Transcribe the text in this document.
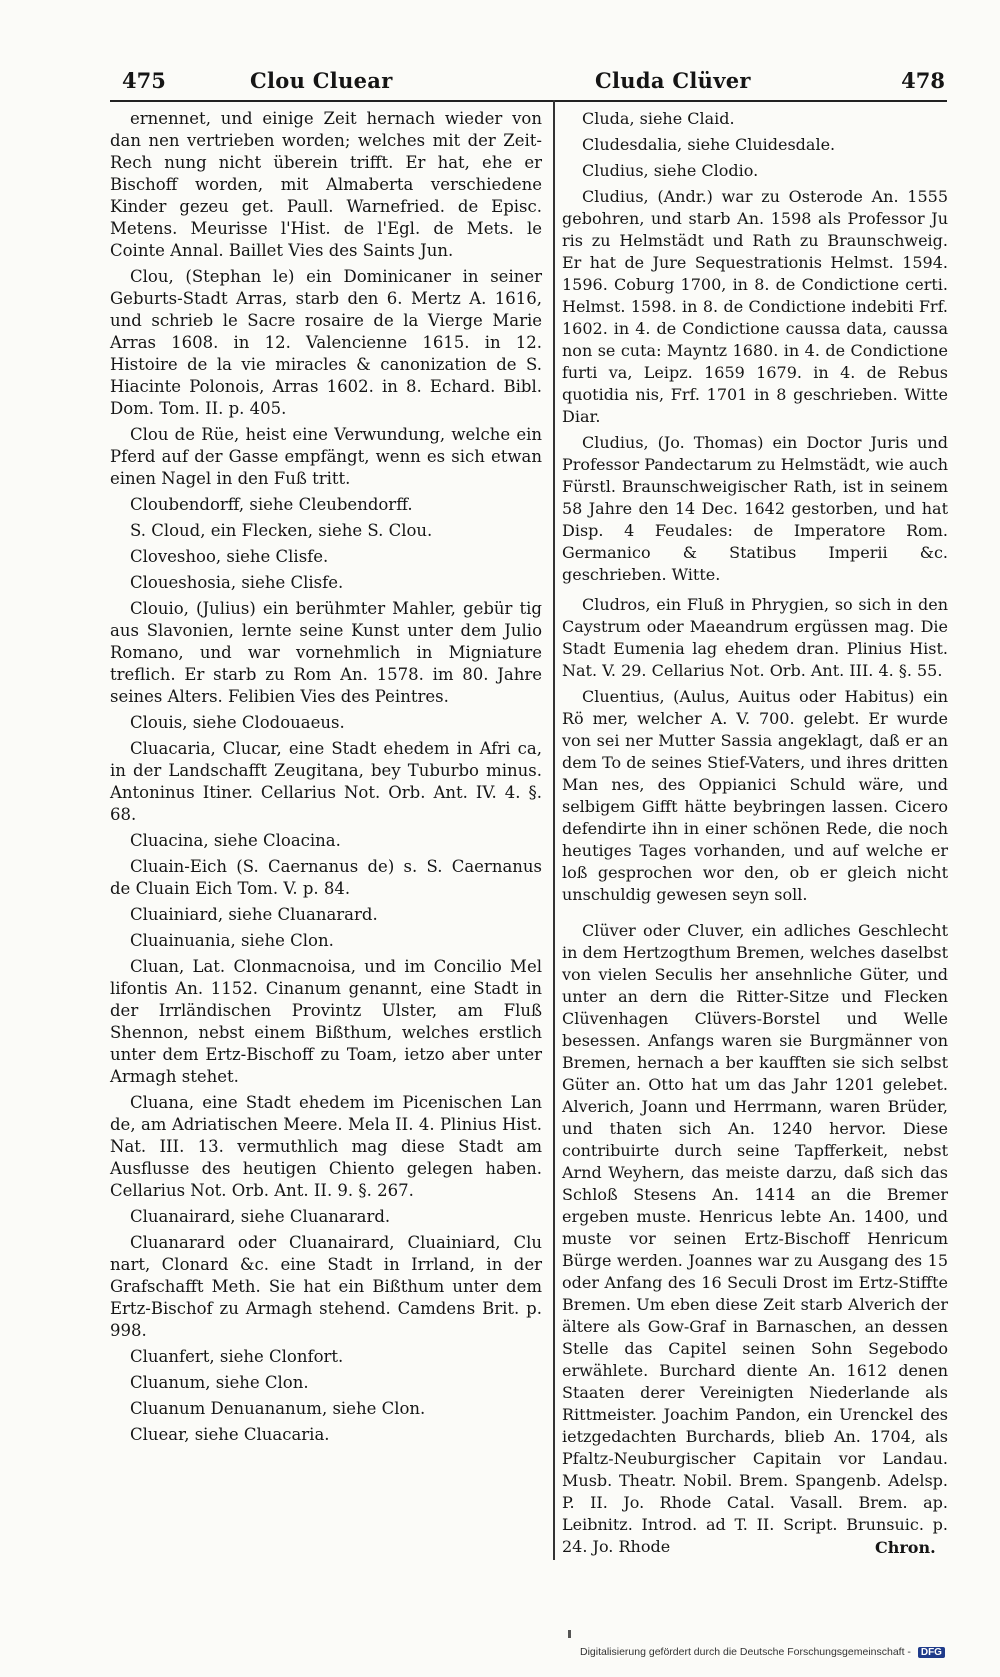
475	Clou Cluear	Cluda Clüver	478

ernennet, und einige Zeit hernach wieder von dan nen vertrieben worden; welches mit der Zeit-Rech nung nicht überein trifft. Er hat, ehe er Bischoff worden, mit Almaberta verschiedene Kinder gezeu get. Paull. Warnefried. de Episc. Metens. Meurisse l'Hist. de l'Egl. de Mets. le Cointe Annal. Baillet Vies des Saints Jun.

Clou, (Stephan le) ein Dominicaner in seiner Geburts-Stadt Arras, starb den 6. Mertz A. 1616, und schrieb le Sacre rosaire de la Vierge Marie Arras 1608. in 12. Valencienne 1615. in 12. Histoire de la vie miracles & canonization de S. Hiacinte Polonois, Arras 1602. in 8. Echard. Bibl. Dom. Tom. II. p. 405.

Clou de Rüe, heist eine Verwundung, welche ein Pferd auf der Gasse empfängt, wenn es sich etwan einen Nagel in den Fuß tritt.

Cloubendorff, siehe Cleubendorff.

S. Cloud, ein Flecken, siehe S. Clou.

Cloveshoo, siehe Clisfe.

Cloueshosia, siehe Clisfe.

Clouio, (Julius) ein berühmter Mahler, gebür tig aus Slavonien, lernte seine Kunst unter dem Julio Romano, und war vornehmlich in Migniature treflich. Er starb zu Rom An. 1578. im 80. Jahre seines Alters. Felibien Vies des Peintres.

Clouis, siehe Clodouaeus.

Cluacaria, Clucar, eine Stadt ehedem in Afri ca, in der Landschafft Zeugitana, bey Tuburbo minus. Antoninus Itiner. Cellarius Not. Orb. Ant. IV. 4. §. 68.

Cluacina, siehe Cloacina.

Cluain-Eich (S. Caernanus de) s. S. Caernanus de Cluain Eich Tom. V. p. 84.

Cluainiard, siehe Cluanarard.

Cluainuania, siehe Clon.

Cluan, Lat. Clonmacnoisa, und im Concilio Mel lifontis An. 1152. Cinanum genannt, eine Stadt in der Irrländischen Provintz Ulster, am Fluß Shennon, nebst einem Bißthum, welches erstlich unter dem Ertz-Bischoff zu Toam, ietzo aber unter Armagh stehet.

Cluana, eine Stadt ehedem im Picenischen Lan de, am Adriatischen Meere. Mela II. 4. Plinius Hist. Nat. III. 13. vermuthlich mag diese Stadt am Ausflusse des heutigen Chiento gelegen haben. Cellarius Not. Orb. Ant. II. 9. §. 267.

Cluanairard, siehe Cluanarard.

Cluanarard oder Cluanairard, Cluainiard, Clu nart, Clonard &c. eine Stadt in Irrland, in der Grafschafft Meth. Sie hat ein Bißthum unter dem Ertz-Bischof zu Armagh stehend. Camdens Brit. p. 998.

Cluanfert, siehe Clonfort.

Cluanum, siehe Clon.

Cluanum Denuananum, siehe Clon.

Cluear, siehe Cluacaria.

Cluda, siehe Claid.

Cludesdalia, siehe Cluidesdale.

Cludius, siehe Clodio.

Cludius, (Andr.) war zu Osterode An. 1555 gebohren, und starb An. 1598 als Professor Ju ris zu Helmstädt und Rath zu Braunschweig. Er hat de Jure Sequestrationis Helmst. 1594. 1596. Coburg 1700, in 8. de Condictione certi. Helmst. 1598. in 8. de Condictione indebiti Frf. 1602. in 4. de Condictione caussa data, caussa non se cuta: Mayntz 1680. in 4. de Condictione furti va, Leipz. 1659 1679. in 4. de Rebus quotidia nis, Frf. 1701 in 8 geschrieben. Witte Diar.

Cludius, (Jo. Thomas) ein Doctor Juris und Professor Pandectarum zu Helmstädt, wie auch Fürstl. Braunschweigischer Rath, ist in seinem 58 Jahre den 14 Dec. 1642 gestorben, und hat Disp. 4 Feudales: de Imperatore Rom. Germanico & Statibus Imperii &c. geschrieben. Witte.

Cludros, ein Fluß in Phrygien, so sich in den Caystrum oder Maeandrum ergüssen mag. Die Stadt Eumenia lag ehedem dran. Plinius Hist. Nat. V. 29. Cellarius Not. Orb. Ant. III. 4. §. 55.

Cluentius, (Aulus, Auitus oder Habitus) ein Rö mer, welcher A. V. 700. gelebt. Er wurde von sei ner Mutter Sassia angeklagt, daß er an dem To de seines Stief-Vaters, und ihres dritten Man nes, des Oppianici Schuld wäre, und selbigem Gifft hätte beybringen lassen. Cicero defendirte ihn in einer schönen Rede, die noch heutiges Tages vorhanden, und auf welche er loß gesprochen wor den, ob er gleich nicht unschuldig gewesen seyn soll.

Clüver oder Cluver, ein adliches Geschlecht in dem Hertzogthum Bremen, welches daselbst von vielen Seculis her ansehnliche Güter, und unter an dern die Ritter-Sitze und Flecken Clüvenhagen Clüvers-Borstel und Welle besessen. Anfangs waren sie Burgmänner von Bremen, hernach a ber kaufften sie sich selbst Güter an. Otto hat um das Jahr 1201 gelebet. Alverich, Joann und Herrmann, waren Brüder, und thaten sich An. 1240 hervor. Diese contribuirte durch seine Tapfferkeit, nebst Arnd Weyhern, das meiste darzu, daß sich das Schloß Stesens An. 1414 an die Bremer ergeben muste. Henricus lebte An. 1400, und muste vor seinen Ertz-Bischoff Henricum Bürge werden. Joannes war zu Ausgang des 15 oder Anfang des 16 Seculi Drost im Ertz-Stiffte Bremen. Um eben diese Zeit starb Alverich der ältere als Gow-Graf in Barnaschen, an dessen Stelle das Capitel seinen Sohn Segebodo erwählete. Burchard diente An. 1612 denen Staaten derer Vereinigten Niederlande als Rittmeister. Joachim Pandon, ein Urenckel des ietzgedachten Burchards, blieb An. 1704, als Pfaltz-Neuburgischer Capitain vor Landau. Musb. Theatr. Nobil. Brem. Spangenb. Adelsp. P. II. Jo. Rhode Catal. Vasall. Brem. ap. Leibnitz. Introd. ad T. II. Script. Brunsuic. p. 24. Jo. Rhode	Chron.
Digitalisierung gefördert durch die Deutsche Forschungsgemeinschaft - DFG
